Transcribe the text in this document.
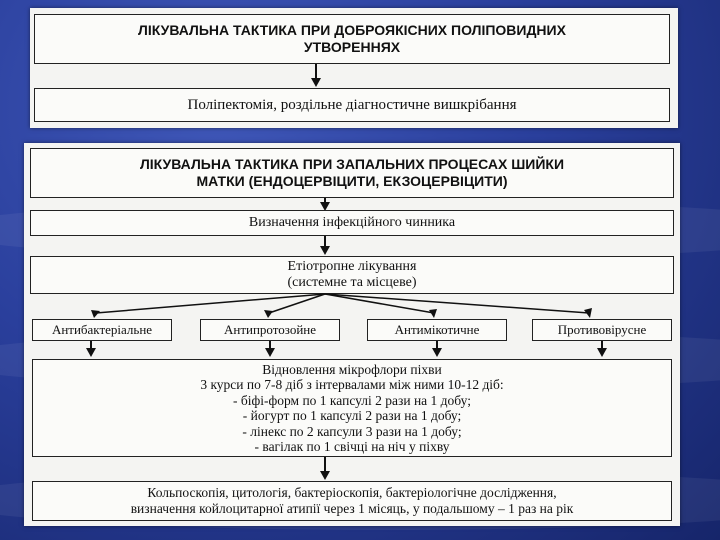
ЛІКУВАЛЬНА ТАКТИКА ПРИ ДОБРОЯКІСНИХ ПОЛІПОВИДНИХ
УТВОРЕННЯХ
Поліпектомія, роздільне діагностичне вишкрібання
ЛІКУВАЛЬНА ТАКТИКА ПРИ ЗАПАЛЬНИХ ПРОЦЕСАХ ШИЙКИ
МАТКИ (ЕНДОЦЕРВІЦИТИ, ЕКЗОЦЕРВІЦИТИ)
Визначення інфекційного чинника
Етіотропне лікування
(системне та місцеве)
Антибактеріальне	Антипротозойне	Антимікотичне	Противовірусне
Відновлення мікрофлори піхви
3 курси по 7-8 діб з інтервалами між ними 10-12 діб:
- біфі-форм по 1 капсулі 2 рази на 1 добу;
- йогурт по 1 капсулі 2 рази на 1 добу;
- лінекс по 2 капсули 3 рази на 1 добу;
- вагілак по 1 свічці на ніч у піхву
Кольпоскопія, цитологія, бактеріоскопія, бактеріологічне дослідження,
визначення койлоцитарної атипії через 1 місяць, у подальшому – 1 раз на рік
